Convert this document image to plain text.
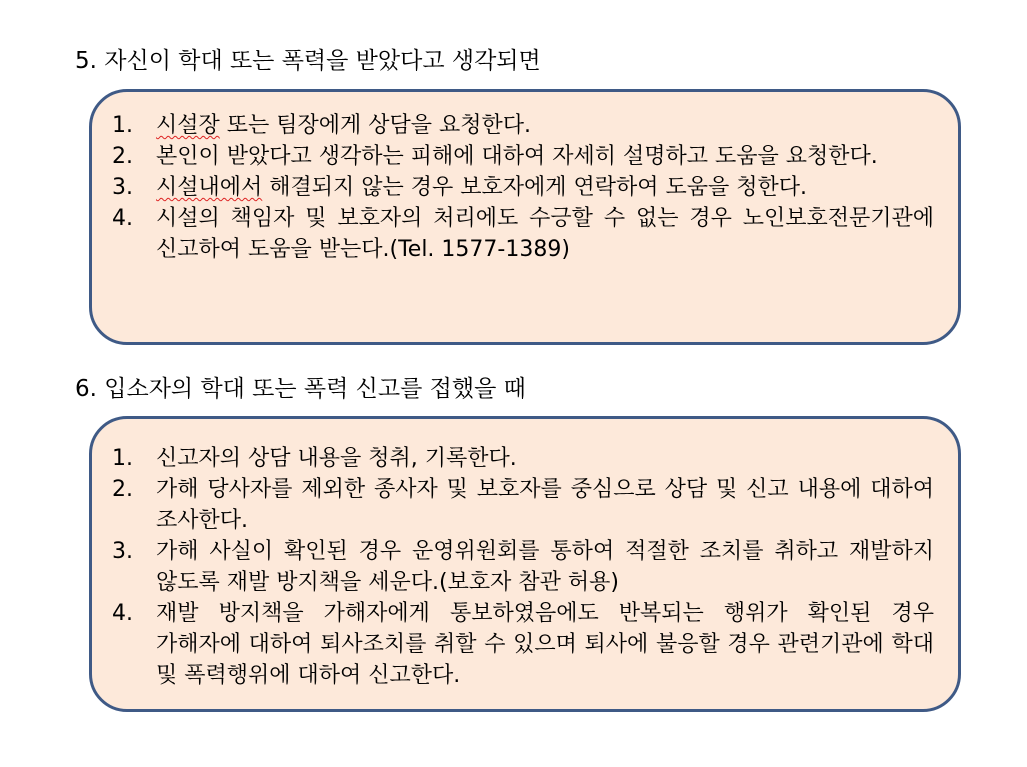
5. 자신이 학대 또는 폭력을 받았다고 생각되면
1.	시설장 또는 팀장에게 상담을 요청한다.
2.	본인이 받았다고 생각하는 피해에 대하여 자세히 설명하고 도움을 요청한다.
3.	시설내에서 해결되지 않는 경우 보호자에게 연락하여 도움을 청한다.
4.	시설의 책임자 및 보호자의 처리에도 수긍할 수 없는 경우 노인보호전문기관에 신고하여 도움을 받는다.(Tel. 1577-1389)
6. 입소자의 학대 또는 폭력 신고를 접했을 때
1.	신고자의 상담 내용을 청취, 기록한다.
2.	가해 당사자를 제외한 종사자 및 보호자를 중심으로 상담 및 신고 내용에 대하여 조사한다.
3.	가해 사실이 확인된 경우 운영위원회를 통하여 적절한 조치를 취하고 재발하지 않도록 재발 방지책을 세운다.(보호자 참관 허용)
4.	재발 방지책을 가해자에게 통보하였음에도 반복되는 행위가 확인된 경우 가해자에 대하여 퇴사조치를 취할 수 있으며 퇴사에 불응할 경우 관련기관에 학대 및 폭력행위에 대하여 신고한다.
